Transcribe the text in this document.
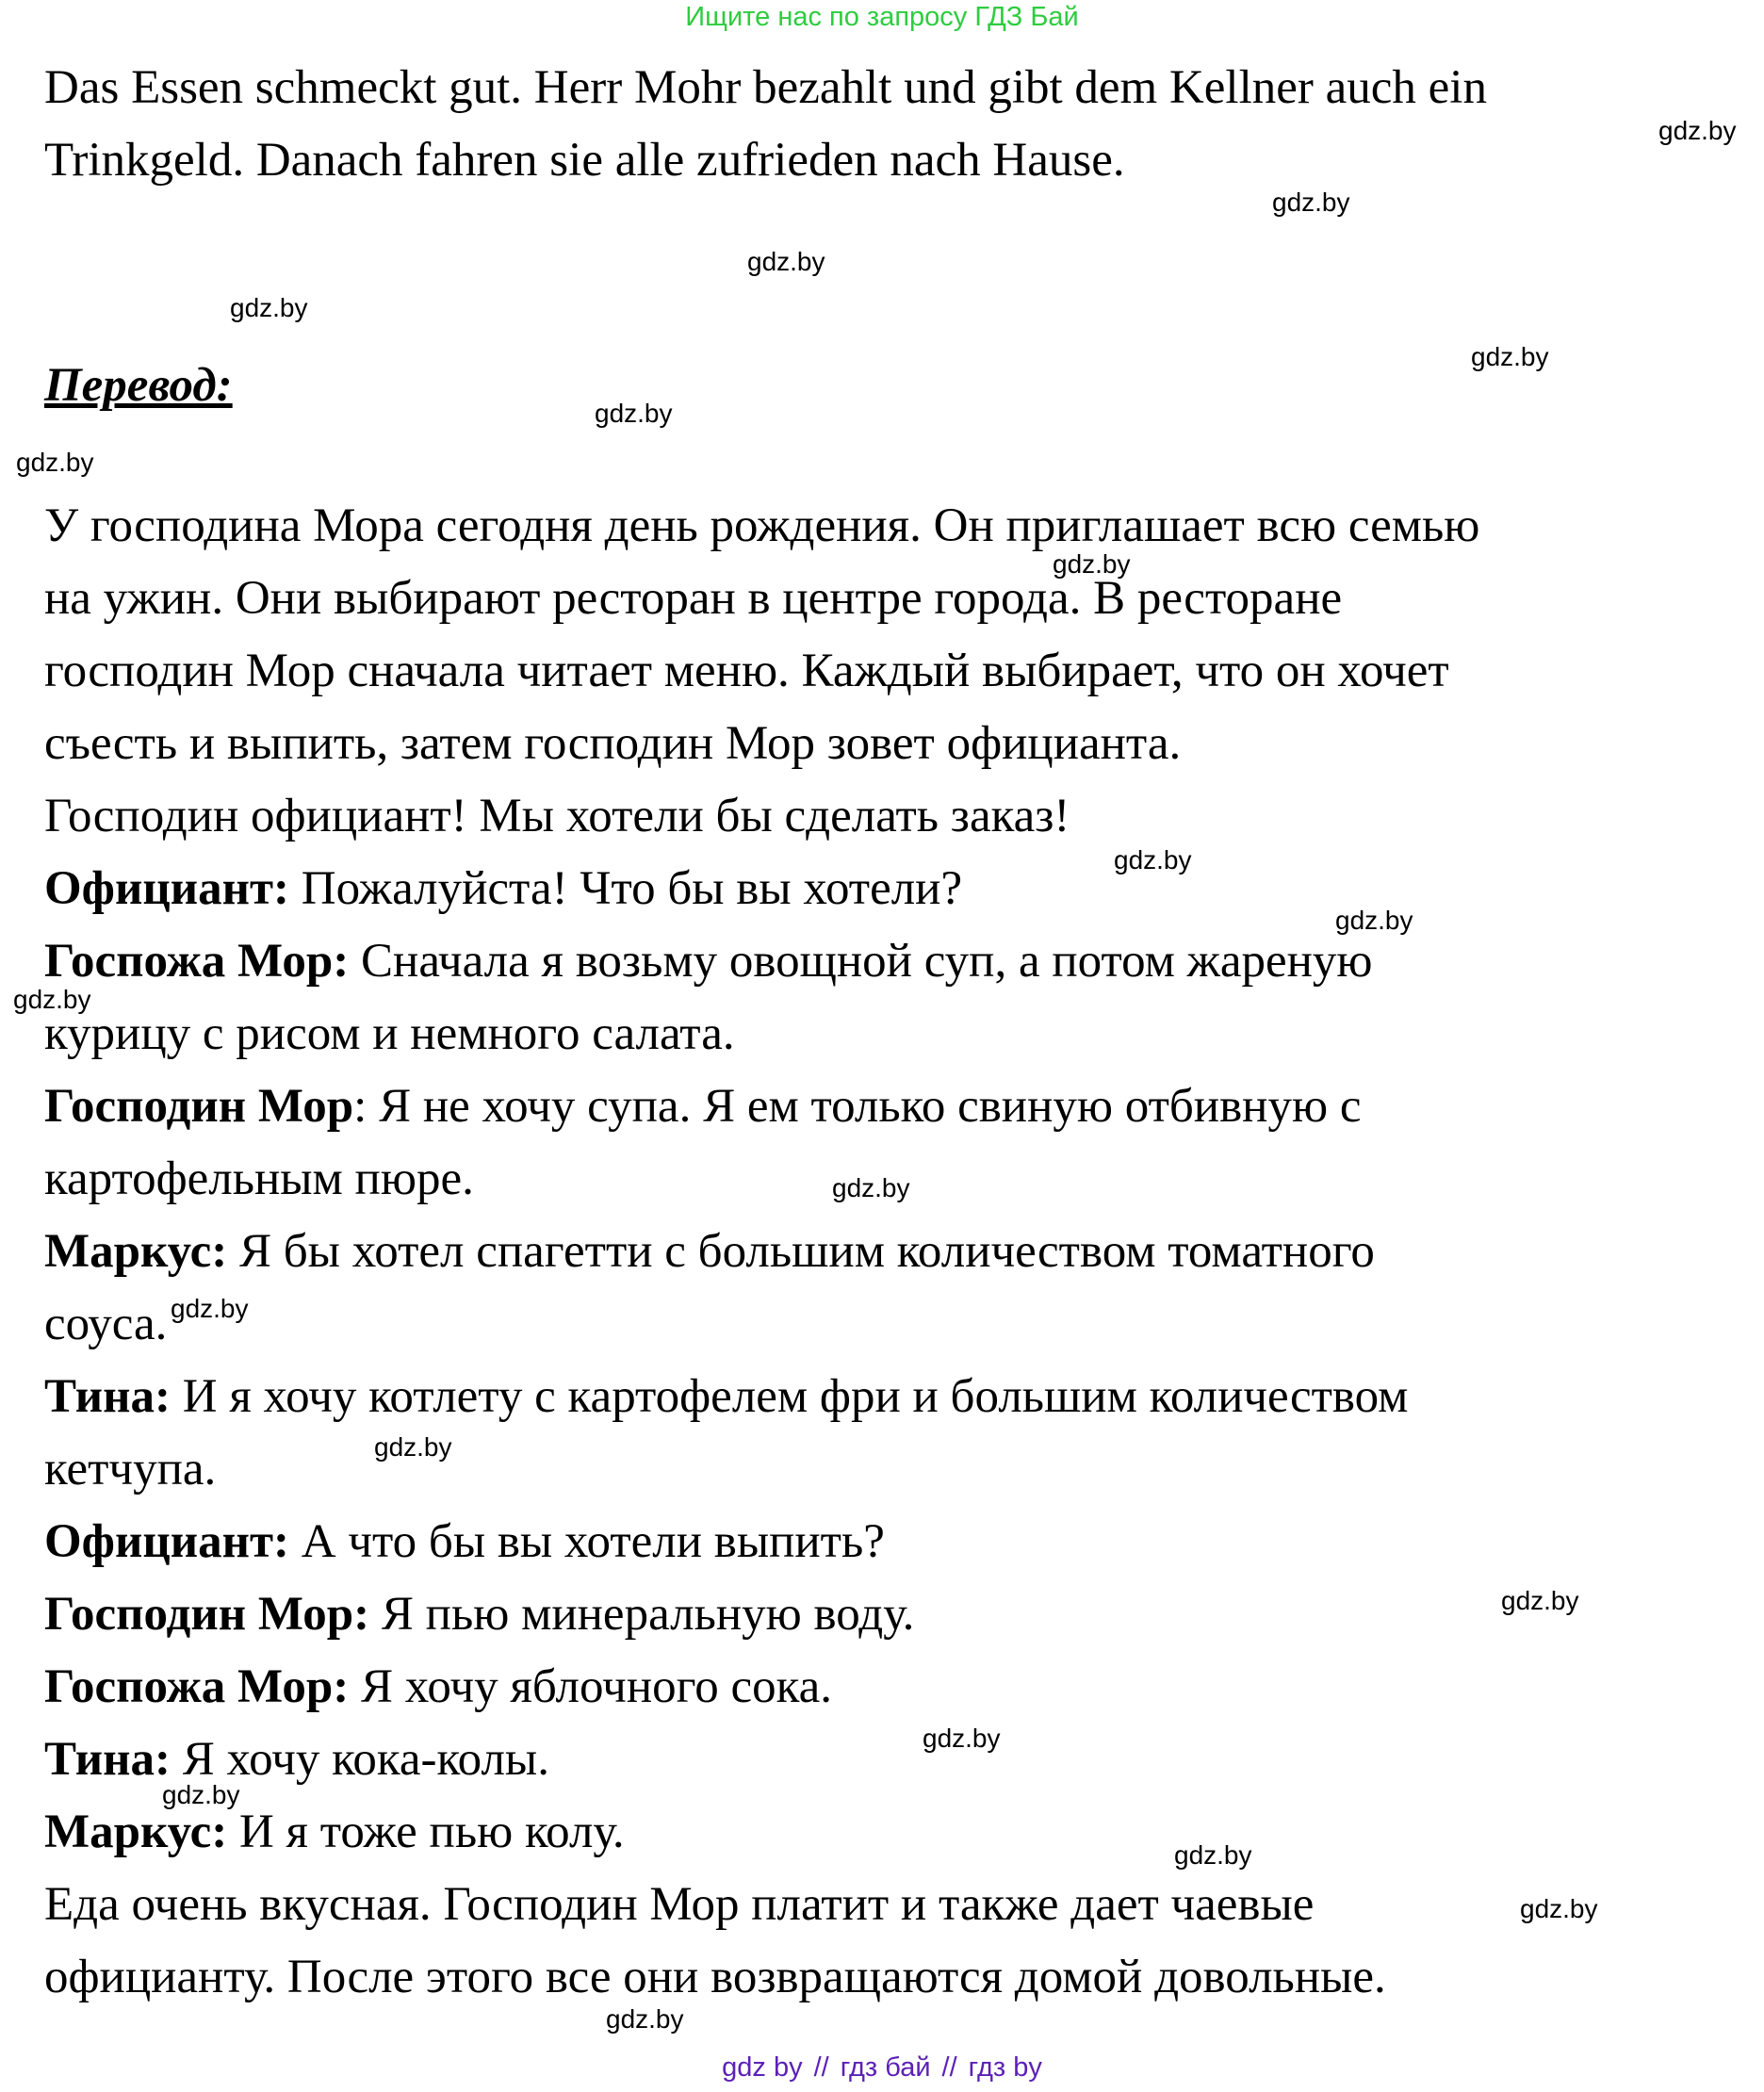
Ищите нас по запросу ГДЗ Бай
Das Essen schmeckt gut. Herr Mohr bezahlt und gibt dem Kellner auch ein
Trinkgeld. Danach fahren sie alle zufrieden nach Hause.
Перевод:
У господина Мора сегодня день рождения. Он приглашает всю семью
на ужин. Они выбирают ресторан в центре города. В ресторане
господин Мор сначала читает меню. Каждый выбирает, что он хочет
съесть и выпить, затем господин Мор зовет официанта.
Господин официант! Мы хотели бы сделать заказ!
Официант: Пожалуйста! Что бы вы хотели?
Госпожа Мор: Сначала я возьму овощной суп, а потом жареную
курицу с рисом и немного салата.
Господин Мор: Я не хочу супа. Я ем только свиную отбивную с
картофельным пюре.
Маркус: Я бы хотел спагетти с большим количеством томатного
соуса.
Тина: И я хочу котлету с картофелем фри и большим количеством
кетчупа.
Официант: А что бы вы хотели выпить?
Господин Мор: Я пью минеральную воду.
Госпожа Мор: Я хочу яблочного сока.
Тина: Я хочу кока-колы.
Маркус: И я тоже пью колу.
Еда очень вкусная. Господин Мор платит и также дает чаевые
официанту. После этого все они возвращаются домой довольные.
gdz.by
gdz.by
gdz.by
gdz.by
gdz.by
gdz.by
gdz.by
gdz.by
gdz.by
gdz.by
gdz.by
gdz.by
gdz.by
gdz.by
gdz.by
gdz.by
gdz.by
gdz.by
gdz.by
gdz.by
gdz by // гдз бай // гдз by
